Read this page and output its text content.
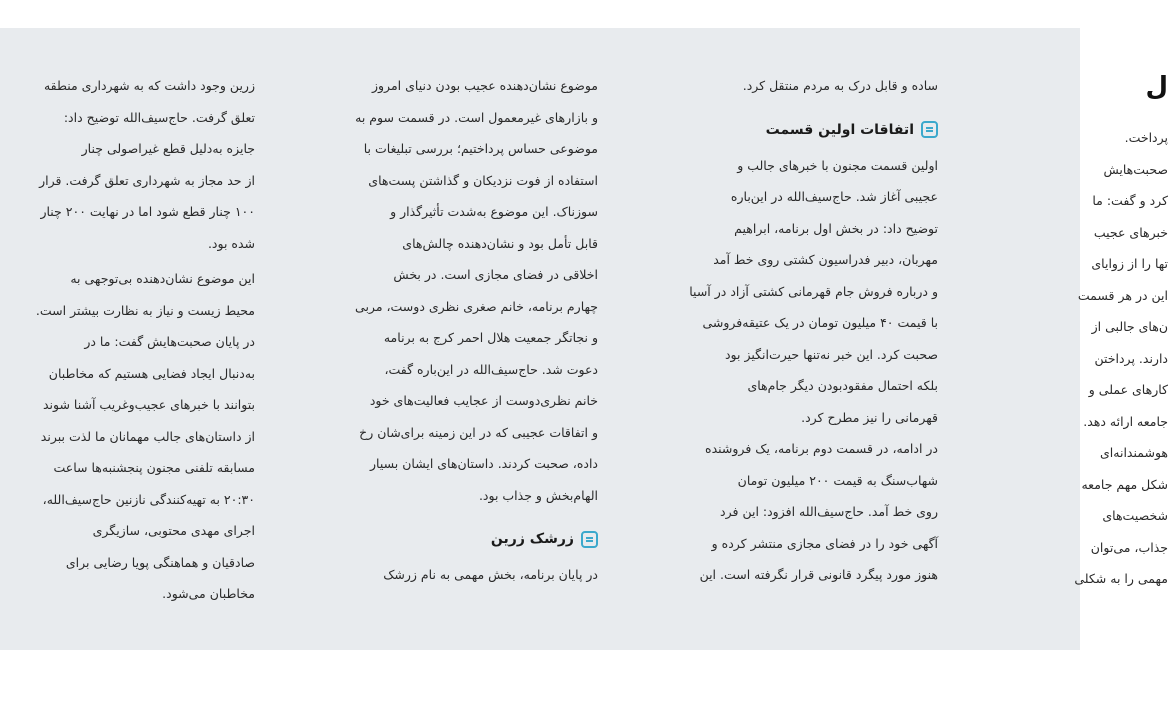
ل

پرداخت.

صحبت‌هایش

کرد و گفت: ما

خبرهای عجیب

تها را از زوایای

این در هر قسمت

ن‌های جالبی از

دارند. پرداختن

کارهای عملی و

جامعه ارائه دهد.

هوشمندانه‌ای

شکل مهم جامعه

شخصیت‌های

جذاب، می‌توان

مهمی را به شکلی

ساده و قابل درک به مردم منتقل کرد.

اتفاقات اولین قسمت

اولین قسمت مجنون با خبرهای جالب و

عجیبی آغاز شد. حاج‌سیف‌الله در این‌باره

توضیح داد: در بخش اول برنامه، ابراهیم

مهربان، دبیر فدراسیون کشتی روی خط آمد

و درباره فروش جام قهرمانی کشتی آزاد در آسیا

با قیمت ۴۰ میلیون تومان در یک عتیقه‌فروشی

صحبت کرد. این خبر نه‌تنها حیرت‌انگیز بود

بلکه احتمال مفقودبودن دیگر جام‌های

قهرمانی را نیز مطرح کرد.

در ادامه، در قسمت دوم برنامه، یک فروشنده

شهاب‌سنگ به قیمت ۲۰۰ میلیون تومان

روی خط آمد. حاج‌سیف‌الله افزود: این فرد

آگهی خود را در فضای مجازی منتشر کرده و

هنوز مورد پیگرد قانونی قرار نگرفته است. این

موضوع نشان‌دهنده عجیب بودن دنیای امروز

و بازارهای غیرمعمول است. در قسمت سوم به

موضوعی حساس پرداختیم؛ بررسی تبلیغات با

استفاده از فوت نزدیکان و گذاشتن پست‌های

سوزناک. این موضوع به‌شدت تأثیرگذار و

قابل تأمل بود و نشان‌دهنده چالش‌های

اخلاقی در فضای مجازی است. در بخش

چهارم برنامه، خانم صغری نظری دوست، مربی

و نجاتگر جمعیت هلال احمر کرج به برنامه

دعوت شد. حاج‌سیف‌الله در این‌باره گفت،

خانم نظری‌دوست از عجایب فعالیت‌های خود

و اتفاقات عجیبی که در این زمینه برای‌شان رخ

داده، صحبت کردند. داستان‌های ایشان بسیار

الهام‌بخش و جذاب بود.

زرشک زرین

در پایان برنامه، بخش مهمی به نام زرشک

زرین وجود داشت که به شهرداری منطقه

تعلق گرفت. حاج‌سیف‌الله توضیح داد:

جایزه به‌دلیل قطع غیراصولی چنار

از حد مجاز به شهرداری تعلق گرفت. قرار

۱۰۰ چنار قطع شود اما در نهایت ۲۰۰ چنار

شده بود.

این موضوع نشان‌دهنده بی‌توجهی به

محیط زیست و نیاز به نظارت بیشتر است.

در پایان صحبت‌هایش گفت: ما در

به‌دنبال ایجاد فضایی هستیم که مخاطبان

بتوانند با خبرهای عجیب‌وغریب آشنا شوند

از داستان‌های جالب مهمانان ما لذت ببرند

مسابقه تلفنی مجنون پنجشنبه‌ها ساعت

۲۰:۳۰ به تهیه‌کنندگی نازنین حاج‌سیف‌الله،

اجرای مهدی محتوبی، سازیگری

صادقیان و هماهنگی پویا رضایی برای

مخاطبان می‌شود.
